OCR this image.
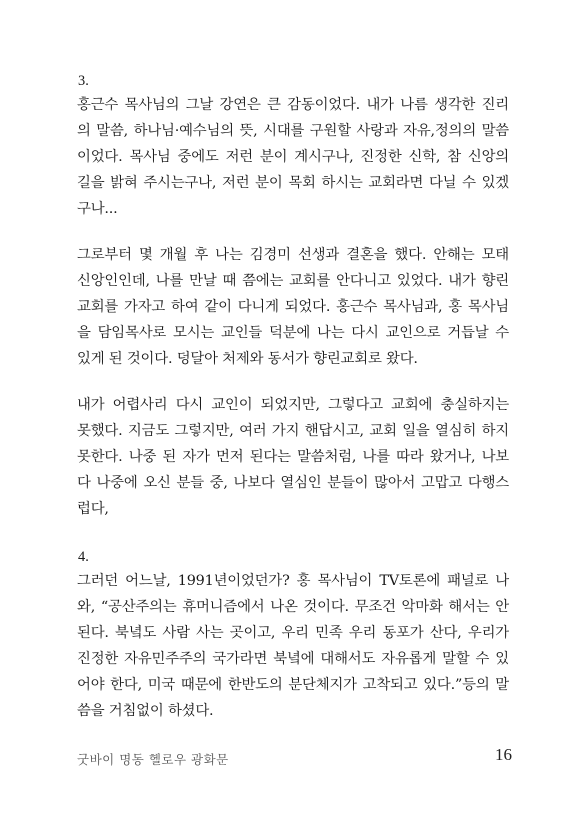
3.
홍근수 목사님의 그날 강연은 큰 감동이었다. 내가 나름 생각한 진리
의 말씀, 하나님·예수님의 뜻, 시대를 구원할 사랑과 자유,정의의 말씀
이었다. 목사님 중에도 저런 분이 계시구나, 진정한 신학, 참 신앙의
길을 밝혀 주시는구나, 저런 분이 목회 하시는 교회라면 다닐 수 있겠
구나...
그로부터 몇 개월 후 나는 김경미 선생과 결혼을 했다. 안해는 모태
신앙인인데, 나를 만날 때 쯤에는 교회를 안다니고 있었다. 내가 향린
교회를 가자고 하여 같이 다니게 되었다. 홍근수 목사님과, 홍 목사님
을 담임목사로 모시는 교인들 덕분에 나는 다시 교인으로 거듭날 수
있게 된 것이다. 덩달아 처제와 동서가 향린교회로 왔다.
내가 어렵사리 다시 교인이 되었지만, 그렇다고 교회에 충실하지는
못했다. 지금도 그렇지만, 여러 가지 핸답시고, 교회 일을 열심히 하지
못한다. 나중 된 자가 먼저 된다는 말씀처럼, 나를 따라 왔거나, 나보
다 나중에 오신 분들 중, 나보다 열심인 분들이 많아서 고맙고 다행스
럽다,
4.
그러던 어느날, 1991년이었던가? 홍 목사님이 TV토론에 패널로 나
와, “공산주의는 휴머니즘에서 나온 것이다. 무조건 악마화 해서는 안
된다. 북녘도 사람 사는 곳이고, 우리 민족 우리 동포가 산다, 우리가
진정한 자유민주주의 국가라면 북녘에 대해서도 자유롭게 말할 수 있
어야 한다, 미국 때문에 한반도의 분단체지가 고착되고 있다.”등의 말
씀을 거침없이 하셨다.
굿바이 명동 헬로우 광화문	16
